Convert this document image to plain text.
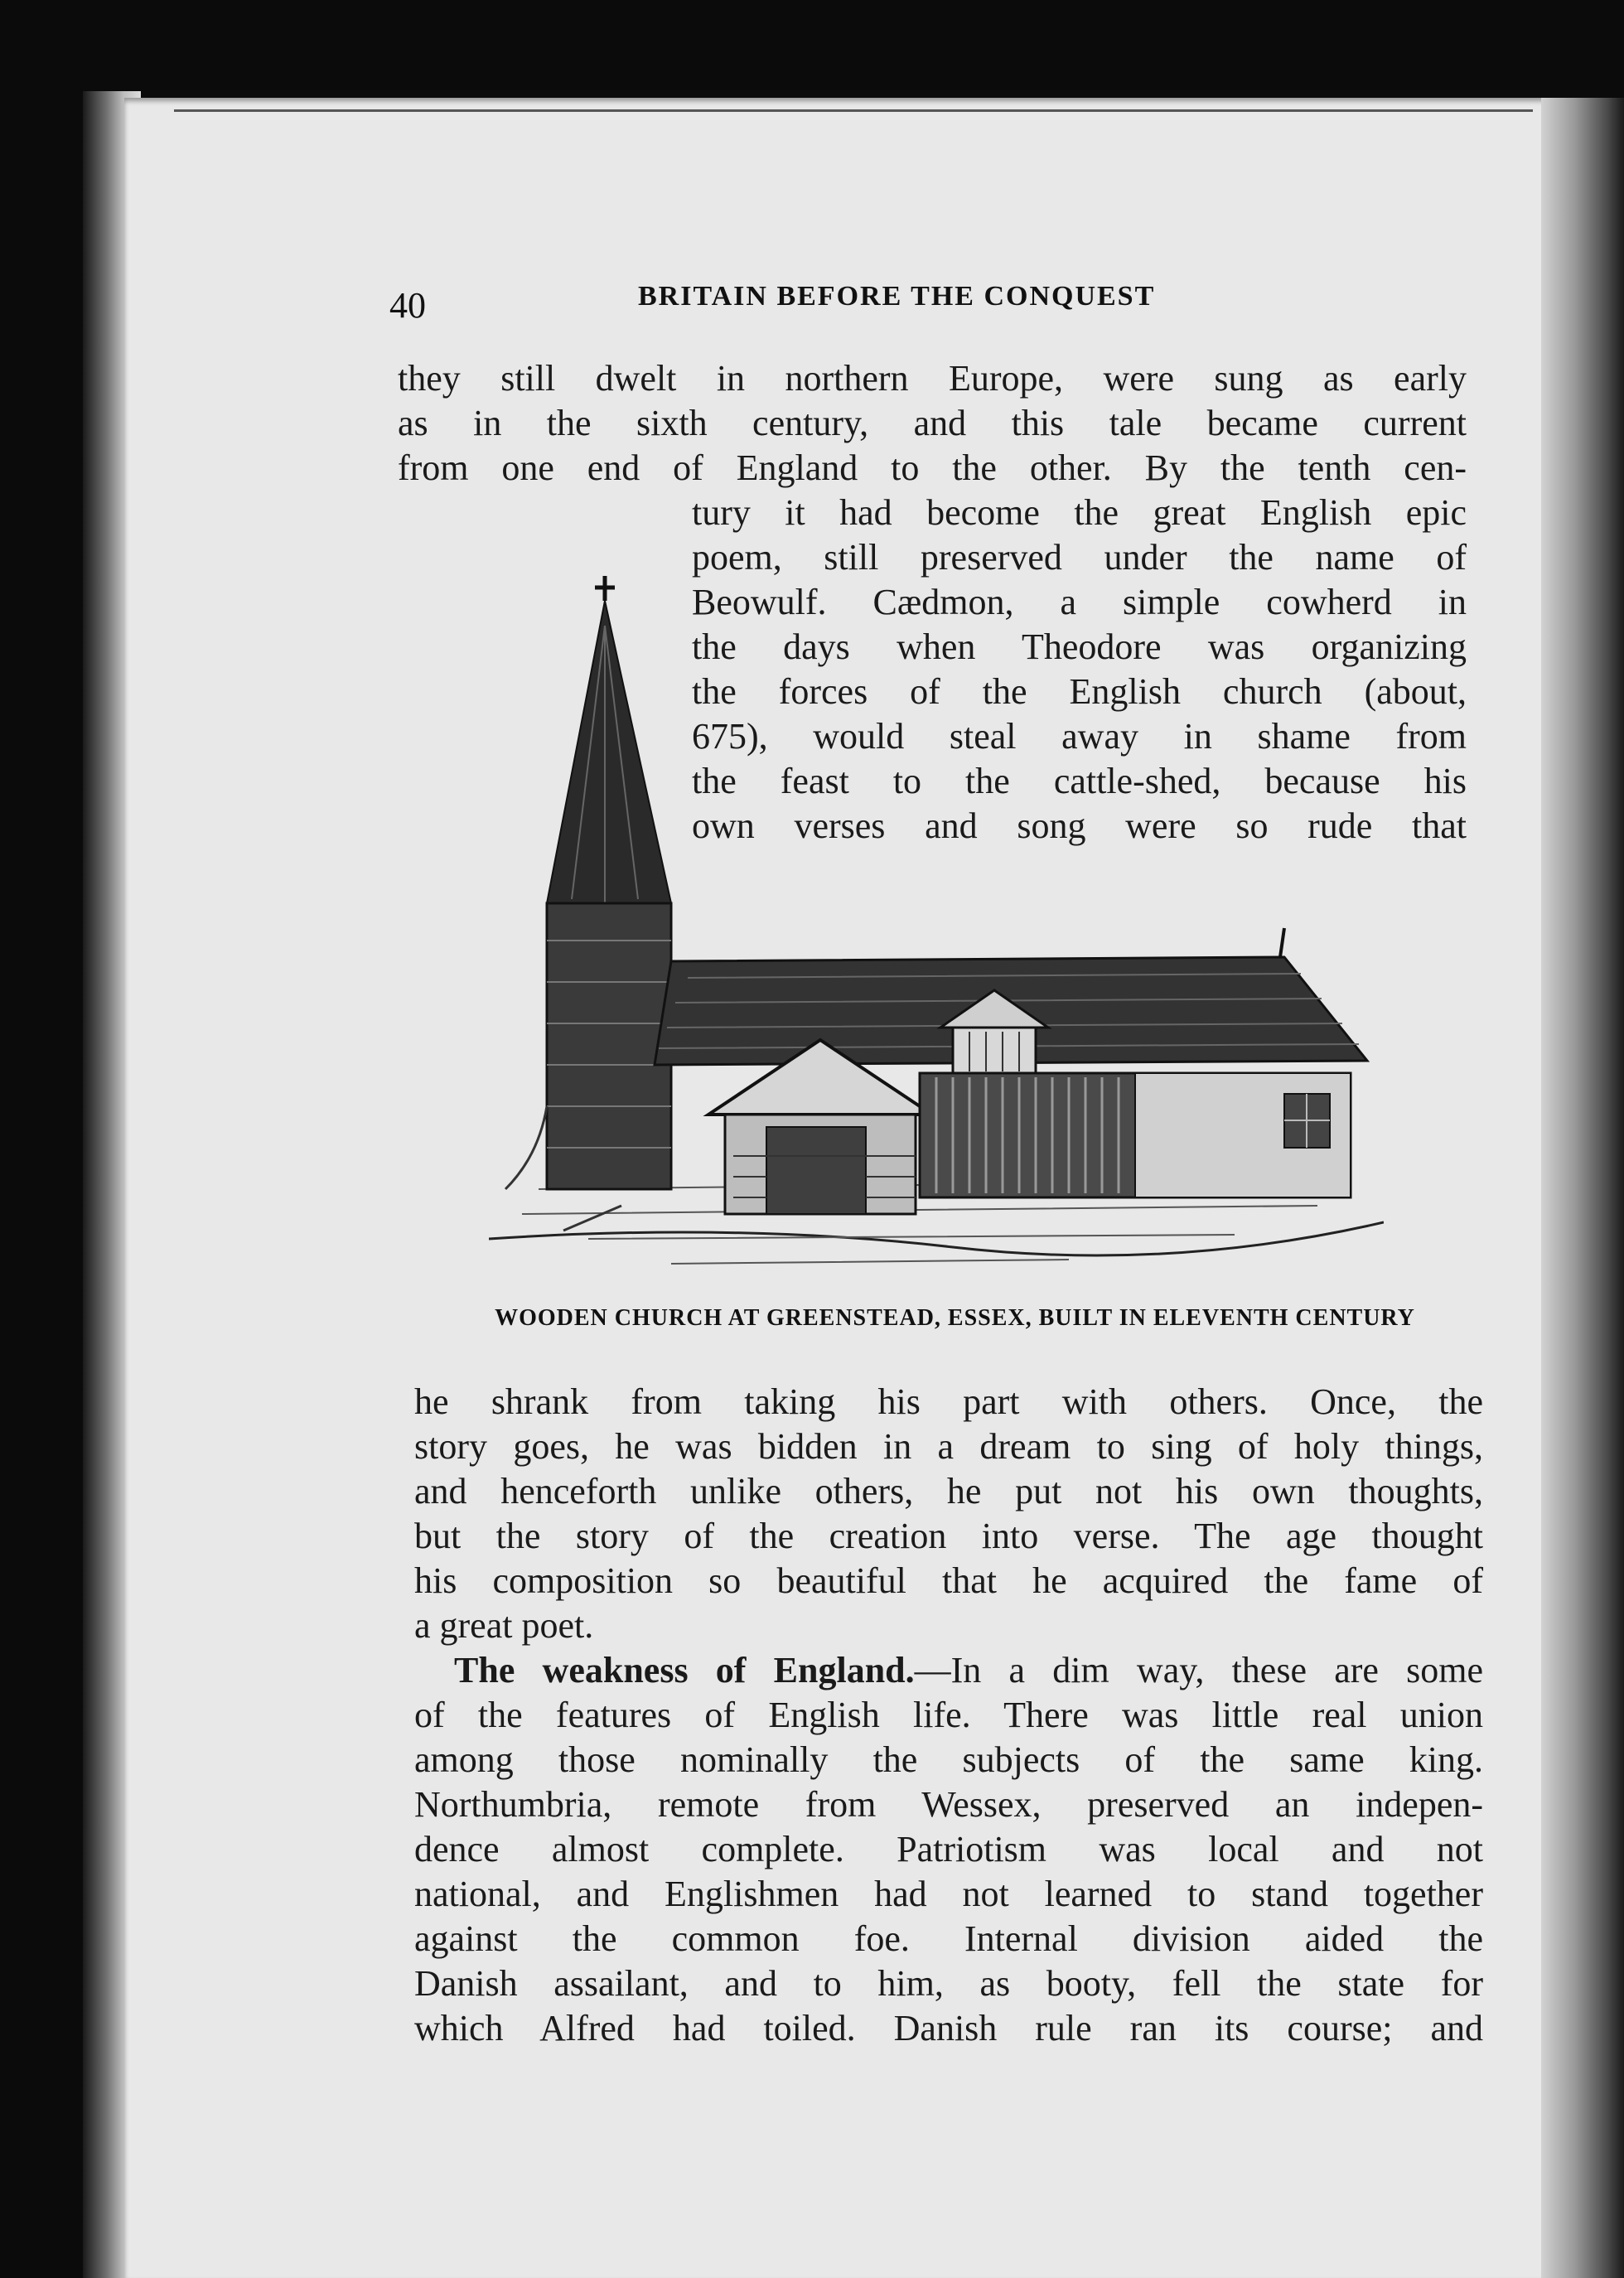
40	BRITAIN BEFORE THE CONQUEST
they still dwelt in northern Europe, were sung as early
as in the sixth century, and this tale became current
from one end of England to the other. By the tenth cen-
tury it had become the great English epic
poem, still preserved under the name of
Beowulf. Cædmon, a simple cowherd in
the days when Theodore was organizing
the forces of the English church (about,
675), would steal away in shame from
the feast to the cattle-shed, because his
own verses and song were so rude that
WOODEN CHURCH AT GREENSTEAD, ESSEX, BUILT IN ELEVENTH CENTURY
he shrank from taking his part with others. Once, the
story goes, he was bidden in a dream to sing of holy things,
and henceforth unlike others, he put not his own thoughts,
but the story of the creation into verse. The age thought
his composition so beautiful that he acquired the fame of
a great poet.
The weakness of England.—In a dim way, these are some
of the features of English life. There was little real union
among those nominally the subjects of the same king.
Northumbria, remote from Wessex, preserved an indepen-
dence almost complete. Patriotism was local and not
national, and Englishmen had not learned to stand together
against the common foe. Internal division aided the
Danish assailant, and to him, as booty, fell the state for
which Alfred had toiled. Danish rule ran its course; and
